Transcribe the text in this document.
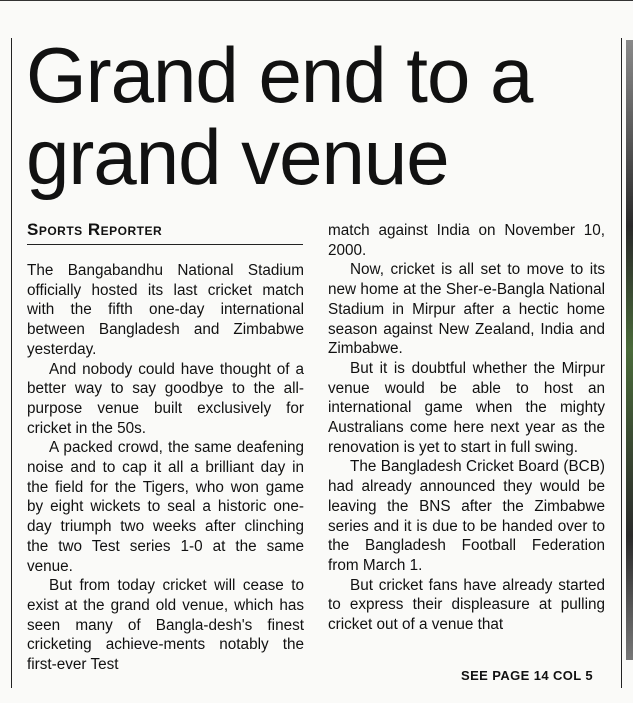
Grand end to a
grand venue
Sports Reporter

The Bangabandhu National Stadium officially hosted its last cricket match with the fifth one-day international between Bangladesh and Zimbabwe yesterday.

And nobody could have thought of a better way to say goodbye to the all-purpose venue built exclusively for cricket in the 50s.

A packed crowd, the same deafening noise and to cap it all a brilliant day in the field for the Tigers, who won game by eight wickets to seal a historic one-day triumph two weeks after clinching the two Test series 1-0 at the same venue.

But from today cricket will cease to exist at the grand old venue, which has seen many of Bangla-desh's finest cricketing achieve-ments notably the first-ever Test

match against India on November 10, 2000.

Now, cricket is all set to move to its new home at the Sher-e-Bangla National Stadium in Mirpur after a hectic home season against New Zealand, India and Zimbabwe.

But it is doubtful whether the Mirpur venue would be able to host an international game when the mighty Australians come here next year as the renovation is yet to start in full swing.

The Bangladesh Cricket Board (BCB) had already announced they would be leaving the BNS after the Zimbabwe series and it is due to be handed over to the Bangladesh Football Federation from March 1.

But cricket fans have already started to express their displeasure at pulling cricket out of a venue that

SEE PAGE 14 COL 5
